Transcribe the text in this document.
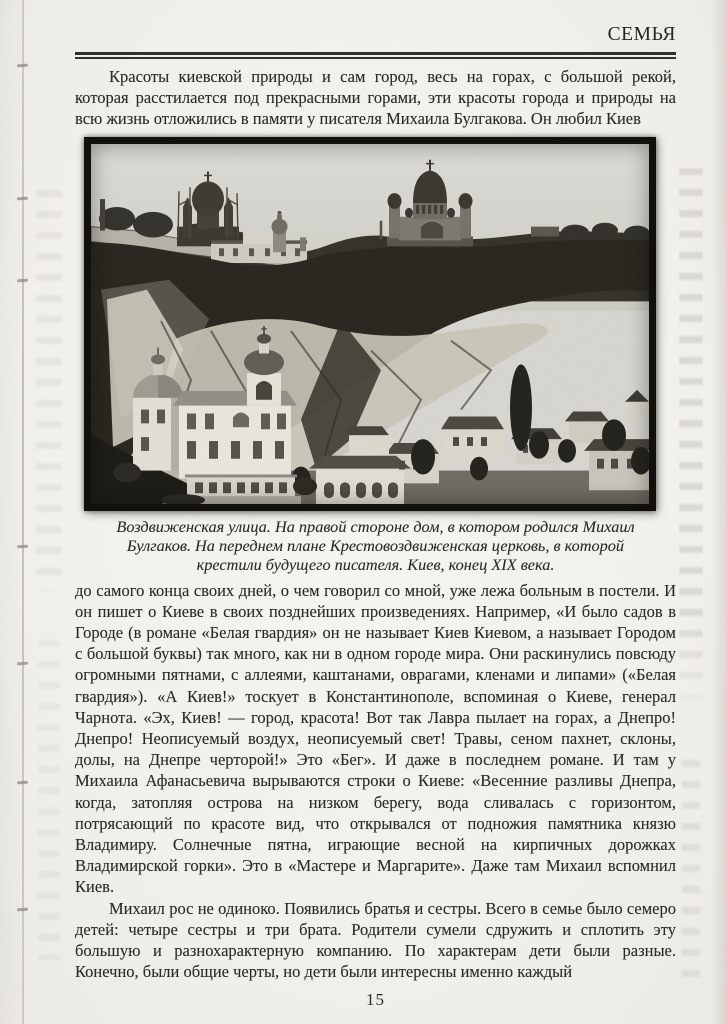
СЕМЬЯ

Красоты киевской природы и сам город, весь на горах, с большой рекой, которая расстилается под прекрасными горами, эти красоты города и природы на всю жизнь отложились в памяти у писателя Михаила Булгакова. Он любил Киев

Воздвиженская улица. На правой стороне дом, в котором родился Михаил Булгаков. На переднем плане Крестовоздвиженская церковь, в которой крестили будущего писателя. Киев, конец XIX века.

до самого конца своих дней, о чем говорил со мной, уже лежа больным в постели. И он пишет о Киеве в своих позднейших произведениях. Например, «И было садов в Городе (в романе «Белая гвардия» он не называет Киев Киевом, а называет Городом с большой буквы) так много, как ни в одном городе мира. Они раскинулись повсюду огромными пятнами, с аллеями, каштанами, оврагами, кленами и липами» («Белая гвардия»). «А Киев!» тоскует в Константинополе, вспоминая о Киеве, генерал Чарнота. «Эх, Киев! — город, красота! Вот так Лавра пылает на горах, а Днепро! Днепро! Неописуемый воздух, неописуемый свет! Травы, сеном пахнет, склоны, долы, на Днепре черторой!» Это «Бег». И даже в последнем романе. И там у Михаила Афанасьевича вырываются строки о Киеве: «Весенние разливы Днепра, когда, затопляя острова на низком берегу, вода сливалась с горизонтом, потрясающий по красоте вид, что открывался от подножия памятника князю Владимиру. Солнечные пятна, играющие весной на кирпичных дорожках Владимирской горки». Это в «Мастере и Маргарите». Даже там Михаил вспомнил Киев.

Михаил рос не одиноко. Появились братья и сестры. Всего в семье было семеро детей: четыре сестры и три брата. Родители сумели сдружить и сплотить эту большую и разнохарактерную компанию. По характерам дети были разные. Конечно, были общие черты, но дети были интересны именно каждый

15
